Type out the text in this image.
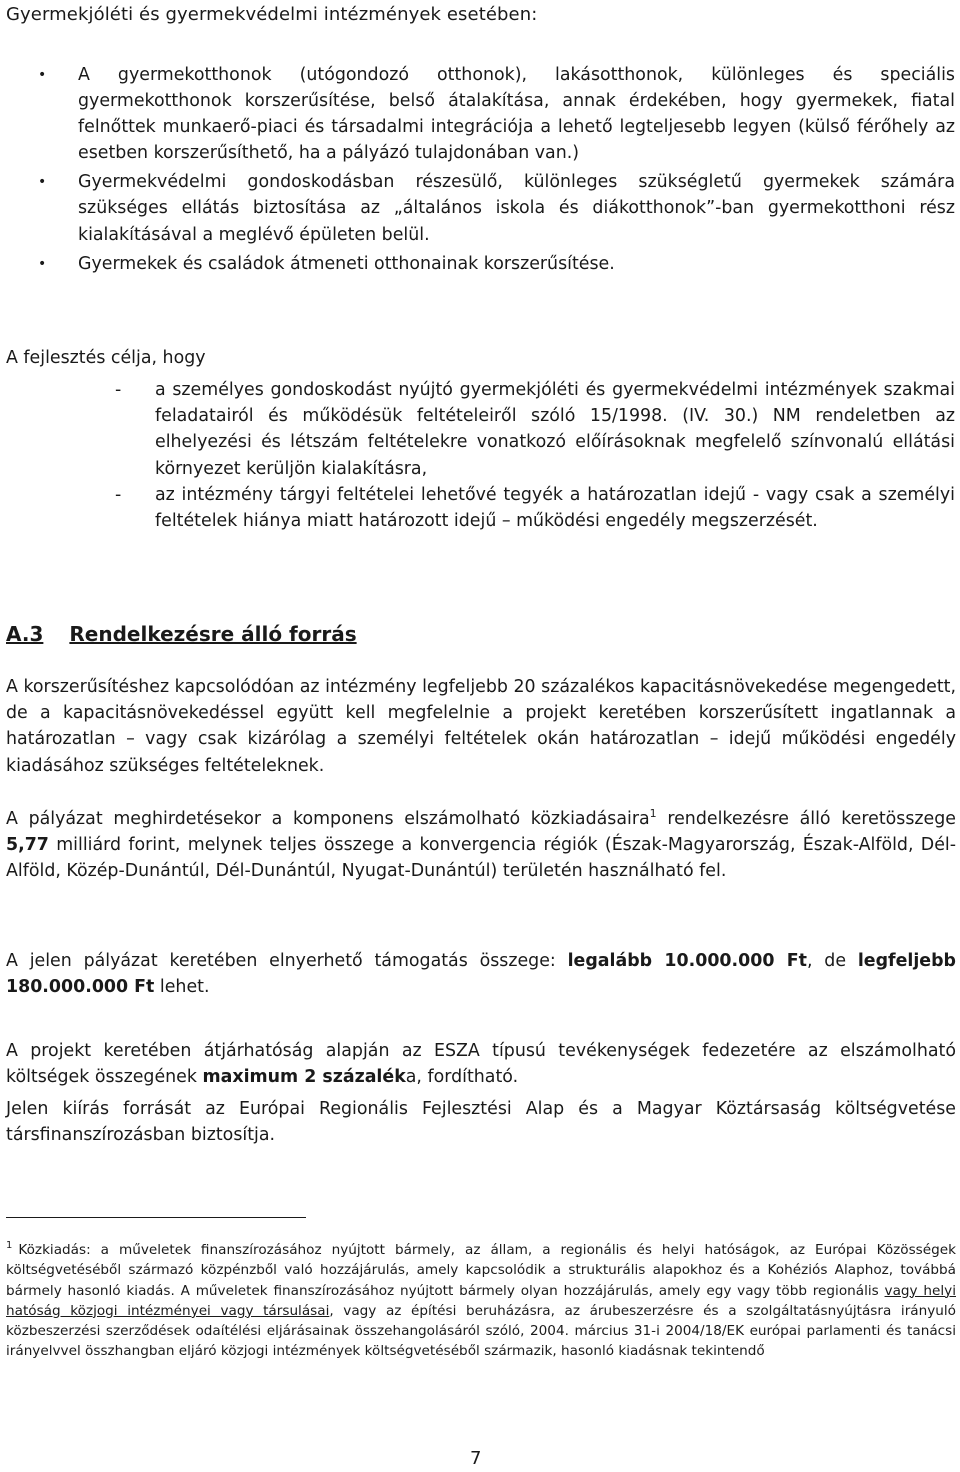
Gyermekjóléti és gyermekvédelmi intézmények esetében:
• A gyermekotthonok (utógondozó otthonok), lakásotthonok, különleges és speciális gyermekotthonok korszerűsítése, belső átalakítása, annak érdekében, hogy gyermekek, fiatal felnőttek munkaerő-piaci és társadalmi integrációja a lehető legteljesebb legyen (külső férőhely az esetben korszerűsíthető, ha a pályázó tulajdonában van.)
• Gyermekvédelmi gondoskodásban részesülő, különleges szükségletű gyermekek számára szükséges ellátás biztosítása az „általános iskola és diákotthonok”-ban gyermekotthoni rész kialakításával a meglévő épületen belül.
• Gyermekek és családok átmeneti otthonainak korszerűsítése.
A fejlesztés célja, hogy
- a személyes gondoskodást nyújtó gyermekjóléti és gyermekvédelmi intézmények szakmai feladatairól és működésük feltételeiről szóló 15/1998. (IV. 30.) NM rendeletben az elhelyezési és létszám feltételekre vonatkozó előírásoknak megfelelő színvonalú ellátási környezet kerüljön kialakításra,
- az intézmény tárgyi feltételei lehetővé tegyék a határozatlan idejű - vagy csak a személyi feltételek hiánya miatt határozott idejű – működési engedély megszerzését.
A.3 Rendelkezésre álló forrás

A korszerűsítéshez kapcsolódóan az intézmény legfeljebb 20 százalékos kapacitásnövekedése megengedett, de a kapacitásnövekedéssel együtt kell megfelelnie a projekt keretében korszerűsített ingatlannak a határozatlan – vagy csak kizárólag a személyi feltételek okán határozatlan – idejű működési engedély kiadásához szükséges feltételeknek.

A pályázat meghirdetésekor a komponens elszámolható közkiadásaira$^1$ rendelkezésre álló keretösszege 5,77 milliárd forint, melynek teljes összege a konvergencia régiók (Észak-Magyarország, Észak-Alföld, Dél-Alföld, Közép-Dunántúl, Dél-Dunántúl, Nyugat-Dunántúl) területén használható fel.

A jelen pályázat keretében elnyerhető támogatás összege: legalább 10.000.000 Ft, de legfeljebb 180.000.000 Ft lehet.

A projekt keretében átjárhatóság alapján az ESZA típusú tevékenységek fedezetére az elszámolható költségek összegének maximum 2 százaléka, fordítható.

Jelen kiírás forrását az Európai Regionális Fejlesztési Alap és a Magyar Köztársaság költségvetése társfinanszírozásban biztosítja.

$^1$ Közkiadás: a műveletek finanszírozásához nyújtott bármely, az állam, a regionális és helyi hatóságok, az Európai Közösségek költségvetéséből származó közpénzből való hozzájárulás, amely kapcsolódik a strukturális alapokhoz és a Kohéziós Alaphoz, továbbá bármely hasonló kiadás. A műveletek finanszírozásához nyújtott bármely olyan hozzájárulás, amely egy vagy több regionális vagy helyi hatóság közjogi intézményei vagy társulásai, vagy az építési beruházásra, az árubeszerzésre és a szolgáltatásnyújtásra irányuló közbeszerzési szerződések odaítélési eljárásainak összehangolásáról szóló, 2004. március 31-i 2004/18/EK európai parlamenti és tanácsi irányelvvel összhangban eljáró közjogi intézmények költségvetéséből származik, hasonló kiadásnak tekintendő

7
